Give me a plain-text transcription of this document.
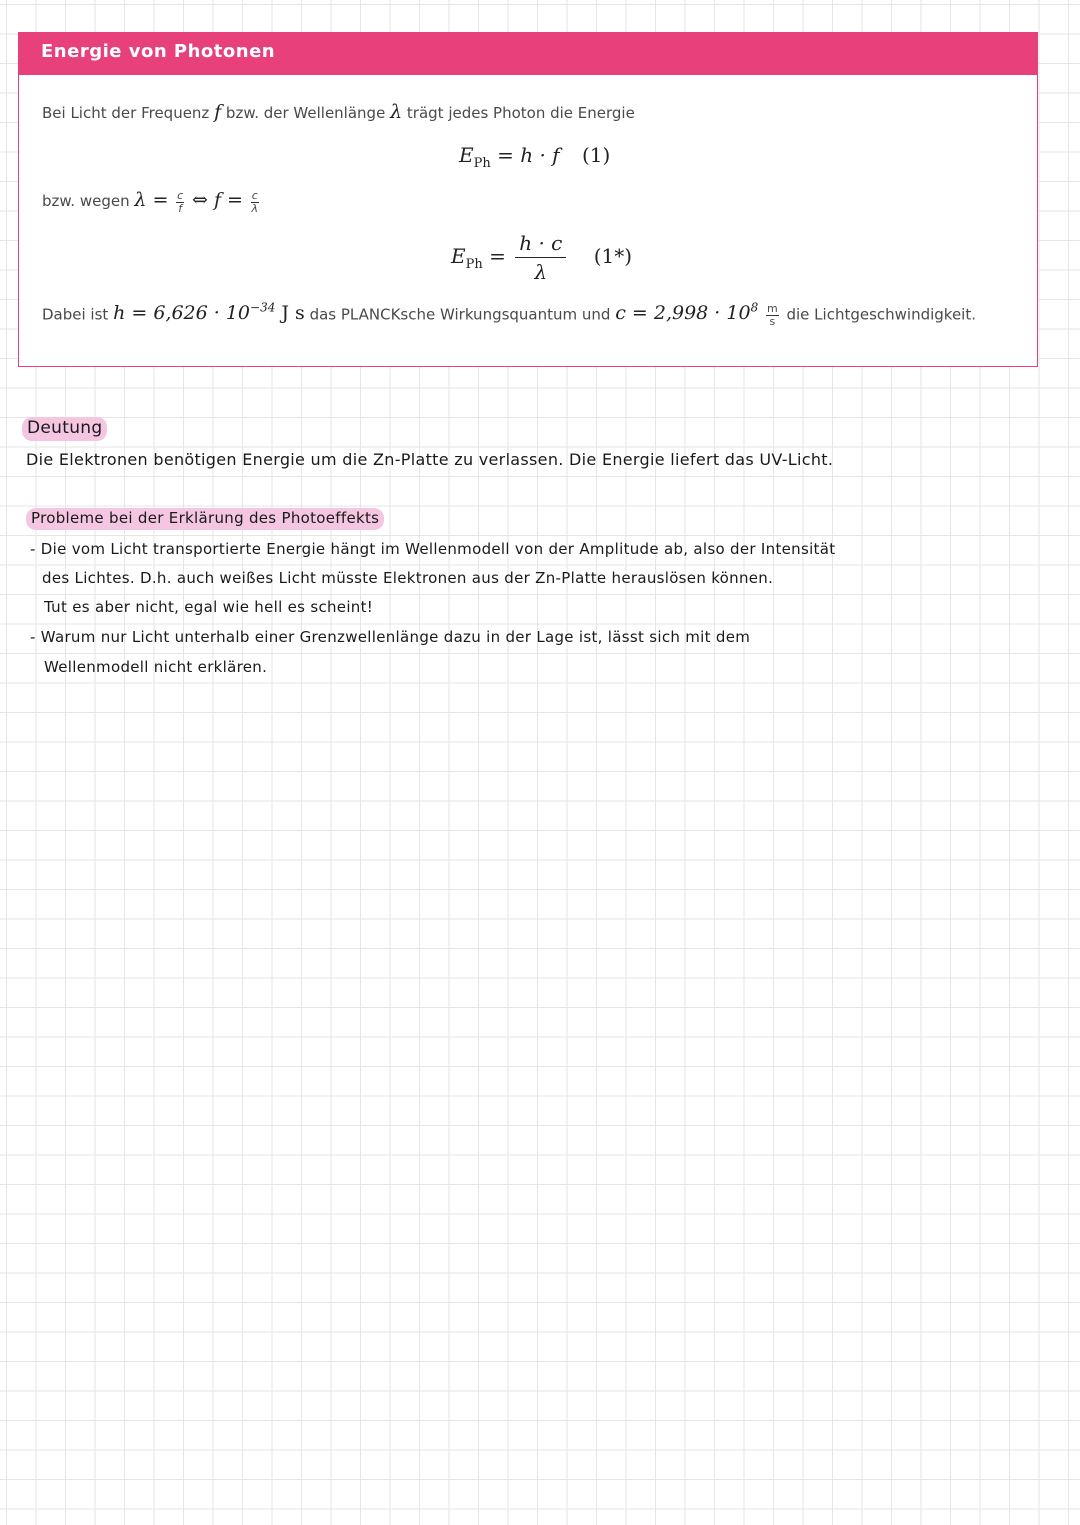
Energie von Photonen
Bei Licht der Frequenz f bzw. der Wellenlänge λ trägt jedes Photon die Energie
$E_{Ph} = h \cdot f$ (1)
bzw. wegen $\lambda = \frac{c}{f}$ ⇔ $f = \frac{c}{\lambda}$
$E_{Ph} = \frac{h \cdot c}{\lambda} (1*)$
Dabei ist $h = 6,626 \cdot 10^{-34}$ J s das PLANCKsche Wirkungsquantum und $c = 2,998 \cdot 10^8 \frac{m}{s}$ die Lichtgeschwindigkeit.
Deutung
Die Elektronen benötigen Energie um die Zn-Platte zu verlassen. Die Energie liefert das UV-Licht.
Probleme bei der Erklärung des Photoeffekts
- Die vom Licht transportierte Energie hängt im Wellenmodell von der Amplitude ab, also der Intensität
des Lichtes. D.h. auch weißes Licht müsste Elektronen aus der Zn-Platte herauslösen können.
Tut es aber nicht, egal wie hell es scheint!
- Warum nur Licht unterhalb einer Grenzwellenlänge dazu in der Lage ist, lässt sich mit dem
Wellenmodell nicht erklären.
